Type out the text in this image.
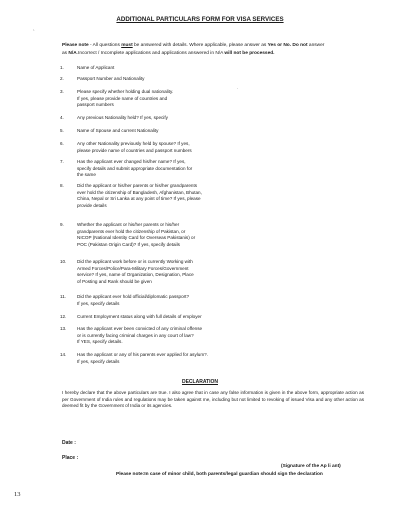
ADDITIONAL PARTICULARS FORM FOR VISA SERVICES
`
Please note - All questions must be answered with details. Where applicable, please answer as Yes or No. Do not answer
as N/A.Incorrect / Incomplete applications and applications answered in N/A will not be processed.
1.	Name of Applicant
2.	Passport Number and Nationality
3.	Please specify whether holding dual nationality.
If yes, please provide name of countries and
passport numbers
4.	Any previous Nationality held? If yes, specify
5.	Name of Spouse and current Nationality
6.	Any other Nationality previously held by spouse? If yes,
please provide name of countries and passport numbers
7.	Has the applicant ever changed his/her name? If yes,
specify details and submit appropriate documentation for
the same
8.	Did the applicant or his/her parents or his/her grandparents
ever hold the citizenship of Bangladesh, Afghanistan, Bhutan,
China, Nepal or Sri Lanka at any point of time? If yes, please
provide details
9.	Whether the applicant or his/her parents or his/her
grandparents ever hold the citizenship of Pakistan, or
NICOP (National Identity Card for Overseas Pakistanis) or
POC (Pakistan Origin Card)? If yes, specify details
10. Did the applicant work before or is currently Working with
Armed Forces/Police/Para-Military Forces/Government
service? If yes, name of Organization, Designation, Place
of Posting and Rank should be given
11. Did the applicant ever hold official/diplomatic passport?
If yes, specify details
12. Current Employment status along with full details of employer
13. Has the applicant ever been convicted of any criminal offense
or is currently facing criminal charges in any court of law?
If YES, specify details.
14. Has the applicant or any of his parents ever applied for asylum?.
If yes, specify details
.
DECLARATION
I hereby declare that the above particulars are true. I also agree that in case any false information is given in the above form, appropriate action as per Government of India rules and regulations may be taken against me, including but not limited to revoking of issued Visa and any other action as deemed fit by the Government of India or its agencies.
Date :
Place :
(Signature of the Ap li ant)
Please note:In case of minor child, both parents/legal guardian should sign the declaration
13
